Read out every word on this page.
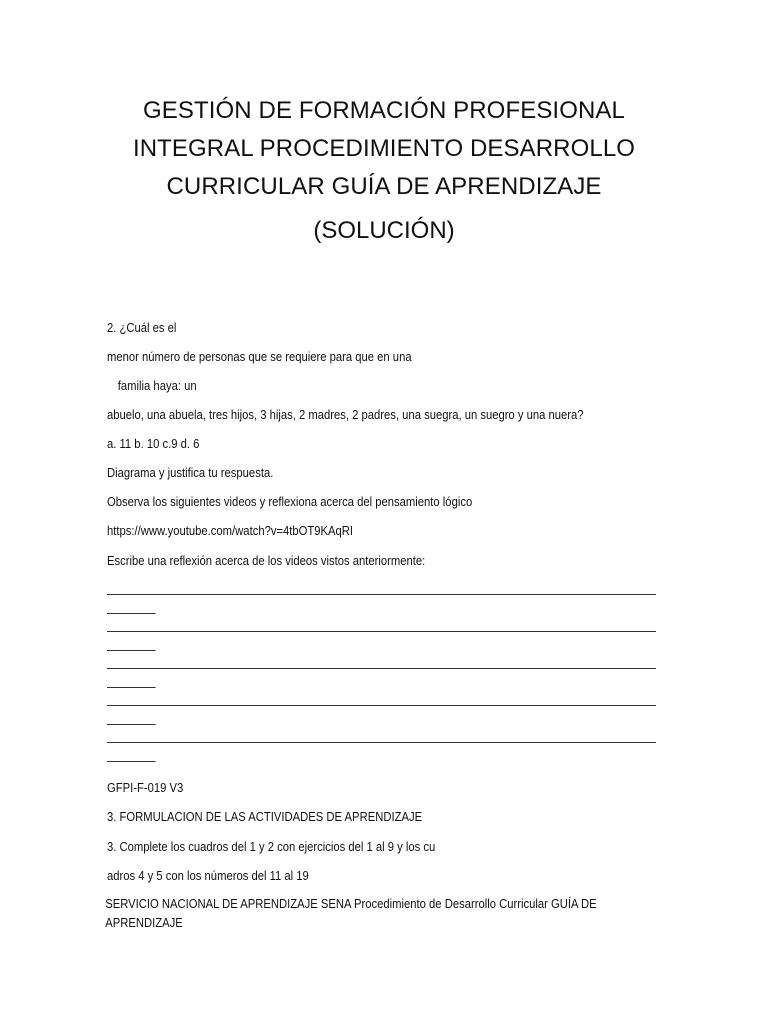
GESTIÓN DE FORMACIÓN PROFESIONAL
INTEGRAL PROCEDIMIENTO DESARROLLO
CURRICULAR GUÍA DE APRENDIZAJE
(SOLUCIÓN)
2. ¿Cuál es el
menor número de personas que se requiere para que en una
familia haya: un
abuelo, una abuela, tres hijos, 3 hijas, 2 madres, 2 padres, una suegra, un suegro y una nuera?
a. 11 b. 10 c.9 d. 6
Diagrama y justifica tu respuesta.
Observa los siguientes videos y reflexiona acerca del pensamiento lógico
https://www.youtube.com/watch?v=4tbOT9KAqRI
Escribe una reflexión acerca de los videos vistos anteriormente:
GFPI-F-019 V3
3. FORMULACION DE LAS ACTIVIDADES DE APRENDIZAJE
3. Complete los cuadros del 1 y 2 con ejercicios del 1 al 9 y los cu
adros 4 y 5 con los números del 11 al 19
SERVICIO NACIONAL DE APRENDIZAJE SENA Procedimiento de Desarrollo Curricular GUÍA DE APRENDIZAJE
